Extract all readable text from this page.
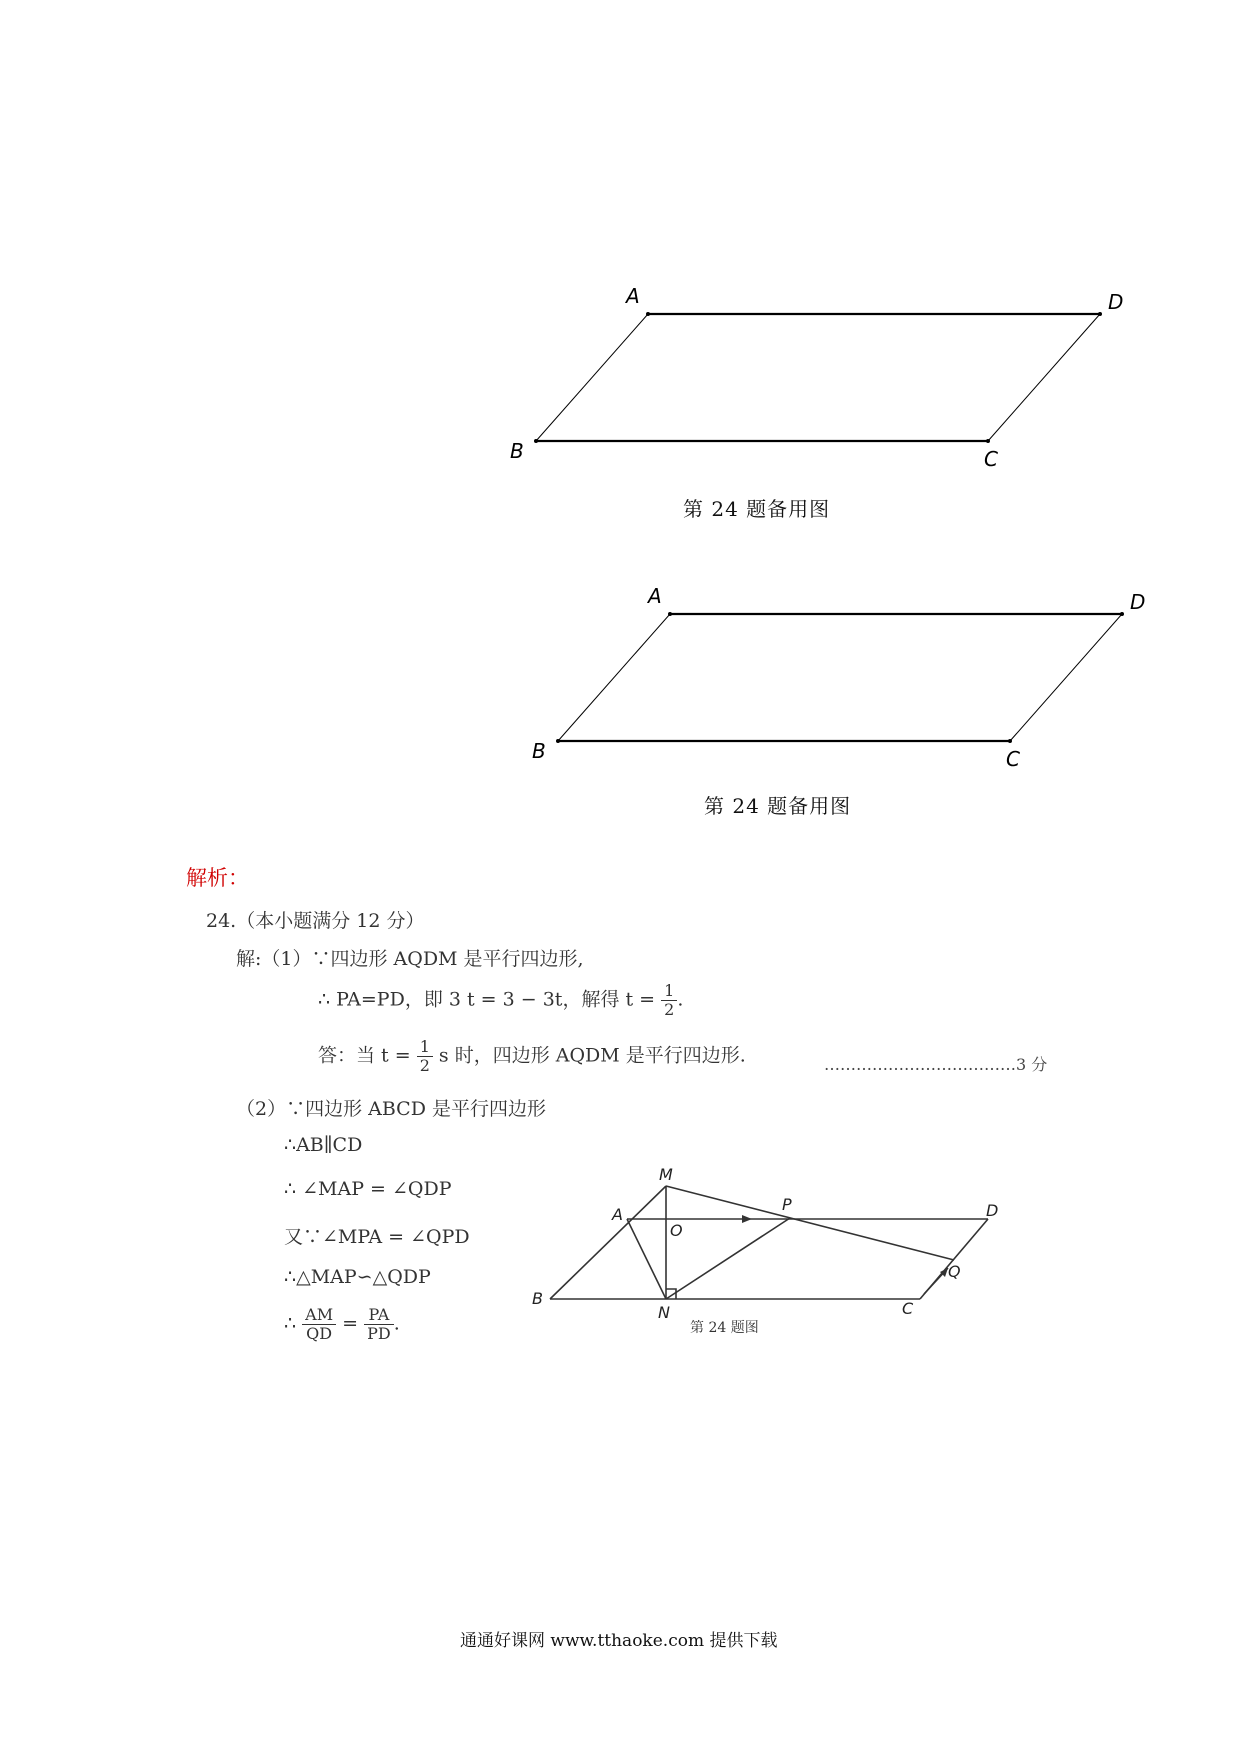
A	D
B	C
第 24 题备用图
A	D
B	C
第 24 题备用图
解析：
24.（本小题满分 12 分）
解:（1）∵四边形 AQDM 是平行四边形,
∴ PA=PD，即 3 t = 3 − 3t，解得 $t = \frac{1}{2}$ .
答：当 $t = \frac{1}{2}$ s 时，四边形 AQDM 是平行四边形.	………………………………3 分
（2）∵四边形 ABCD 是平行四边形
∴AB∥CD
∴ ∠MAP = ∠QDP
又∵∠MPA = ∠QPD
∴△MAP∽△QDP
∴ $\frac{AM}{QD} = \frac{PA}{PD}$ .
M
A
O
P	D
Q
B
N	C
第 24 题图
通通好课网 www.tthaoke.com 提供下载
